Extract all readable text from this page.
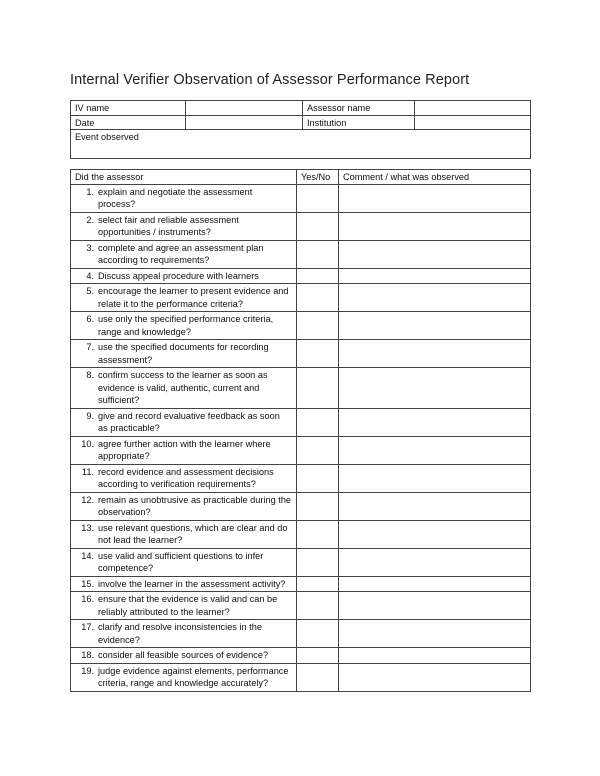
Internal Verifier Observation of Assessor Performance Report
IV name		Assessor name	
Date		Institution	
Event observed			
Did the assessor	Yes/No	Comment / what was observed

1. explain and negotiate the assessment process?		

2. select fair and reliable assessment opportunities / instruments?		

3. complete and agree an assessment plan according to requirements?		

4. Discuss appeal procedure with learners		

5. encourage the learner to present evidence and relate it to the performance criteria?		

6. use only the specified performance criteria, range and knowledge?		

7. use the specified documents for recording assessment?		

8. confirm success to the learner as soon as evidence is valid, authentic, current and sufficient?		

9. give and record evaluative feedback as soon as practicable?		

10. agree further action with the learner where appropriate?		

11. record evidence and assessment decisions according to verification requirements?		

12. remain as unobtrusive as practicable during the observation?		

13. use relevant questions, which are clear and do not lead the learner?		

14. use valid and sufficient questions to infer competence?		

15. involve the learner in the assessment activity?		

16. ensure that the evidence is valid and can be reliably attributed to the learner?		

17. clarify and resolve inconsistencies in the evidence?		

18. consider all feasible sources of evidence?		

19. judge evidence against elements, performance criteria, range and knowledge accurately?		
